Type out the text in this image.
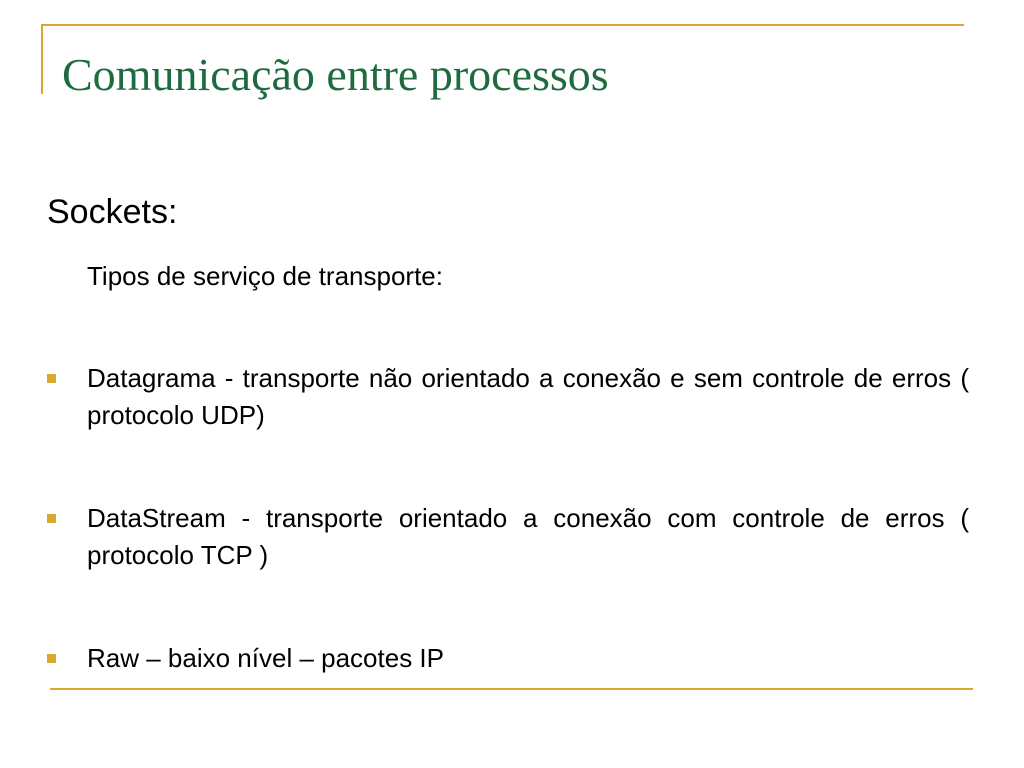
Comunicação entre processos
Sockets:
Tipos de serviço de transporte:
Datagrama - transporte não orientado a conexão e sem controle de erros ( protocolo UDP)
DataStream - transporte orientado a conexão com controle de erros ( protocolo TCP )
Raw – baixo nível – pacotes IP
